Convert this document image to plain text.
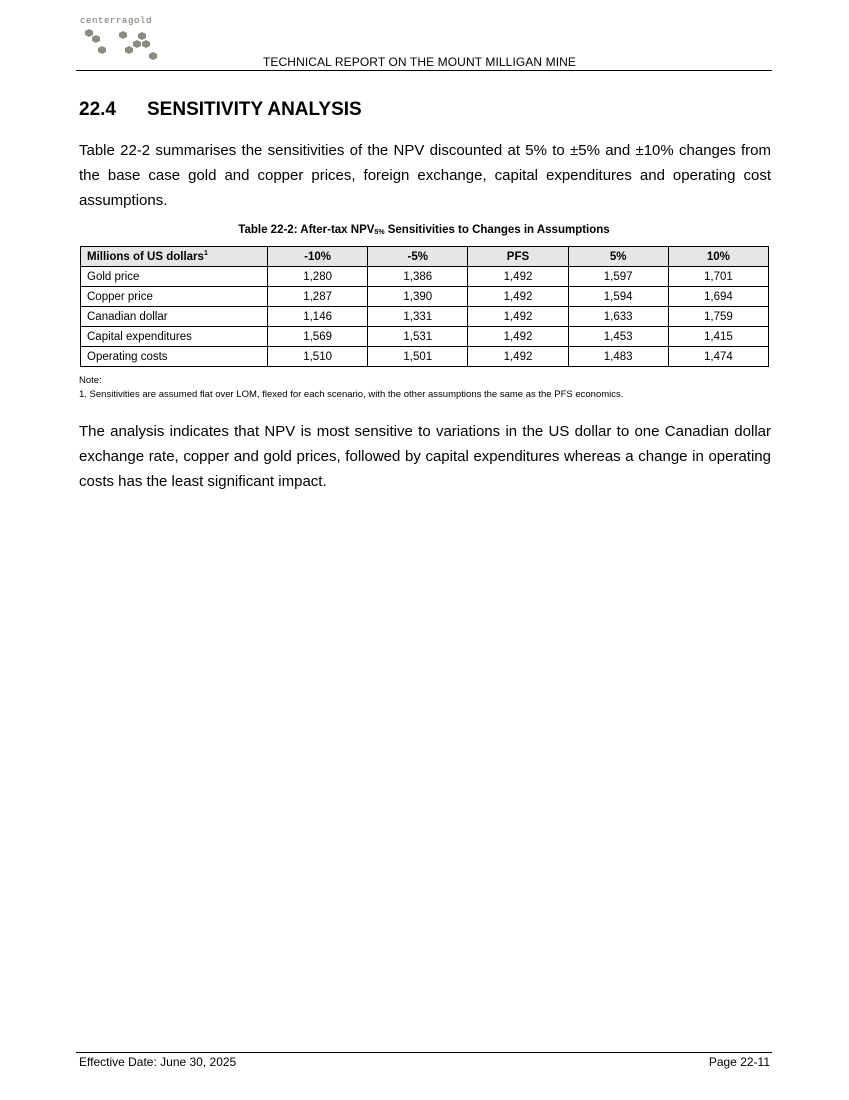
centerragold
TECHNICAL REPORT ON THE MOUNT MILLIGAN MINE
22.4 SENSITIVITY ANALYSIS
Table 22-2 summarises the sensitivities of the NPV discounted at 5% to ±5% and ±10% changes from the base case gold and copper prices, foreign exchange, capital expenditures and operating cost assumptions.
Table 22-2: After-tax $NPV_{5\%}$ Sensitivities to Changes in Assumptions
Millions of US dollars$^1$	-10%	-5%	PFS	5%	10%
Gold price	1,280	1,386	1,492	1,597	1,701
Copper price	1,287	1,390	1,492	1,594	1,694
Canadian dollar	1,146	1,331	1,492	1,633	1,759
Capital expenditures	1,569	1,531	1,492	1,453	1,415
Operating costs	1,510	1,501	1,492	1,483	1,474
Note:
1. Sensitivities are assumed flat over LOM, flexed for each scenario, with the other assumptions the same as the PFS economics.
The analysis indicates that NPV is most sensitive to variations in the US dollar to one Canadian dollar exchange rate, copper and gold prices, followed by capital expenditures whereas a change in operating costs has the least significant impact.
Effective Date: June 30, 2025	Page 22-11
